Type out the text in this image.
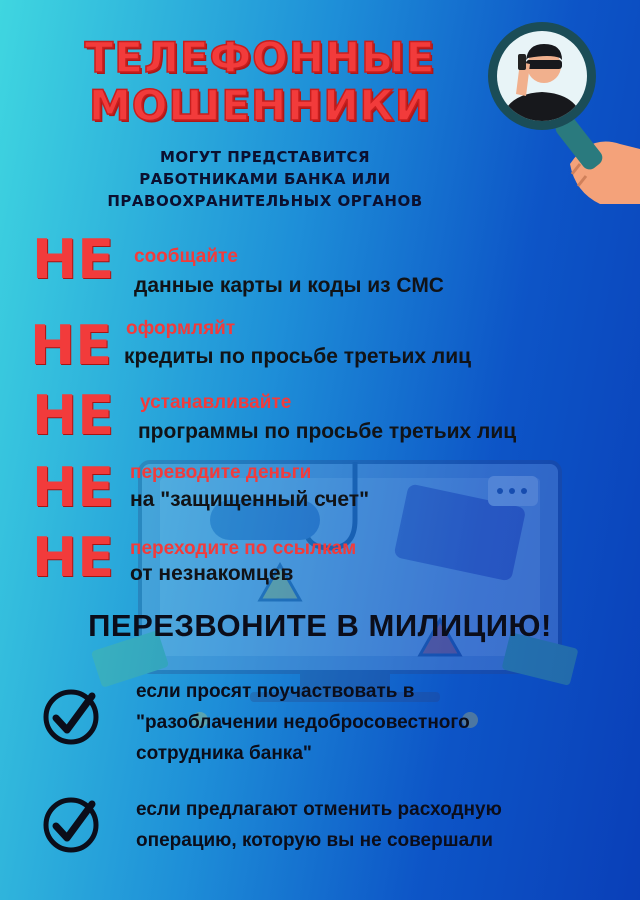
ТЕЛЕФОННЫЕ
МОШЕННИКИ
МОГУТ ПРЕДСТАВИТСЯ
РАБОТНИКАМИ БАНКА ИЛИ
ПРАВООХРАНИТЕЛЬНЫХ ОРГАНОВ
НЕ сообщайте
данные карты и коды из СМС
НЕ оформляйт
кредиты по просьбе третьих лиц
НЕ устанавливайте
программы по просьбе третьих лиц
НЕ переводите деньги
на "защищенный счет"
НЕ переходите по ссылкам
от незнакомцев
ПЕРЕЗВОНИТЕ В МИЛИЦИЮ!
если просят поучаствовать в
"разоблачении недобросовестного
сотрудника банка"
если предлагают отменить расходную
операцию, которую вы не совершали
